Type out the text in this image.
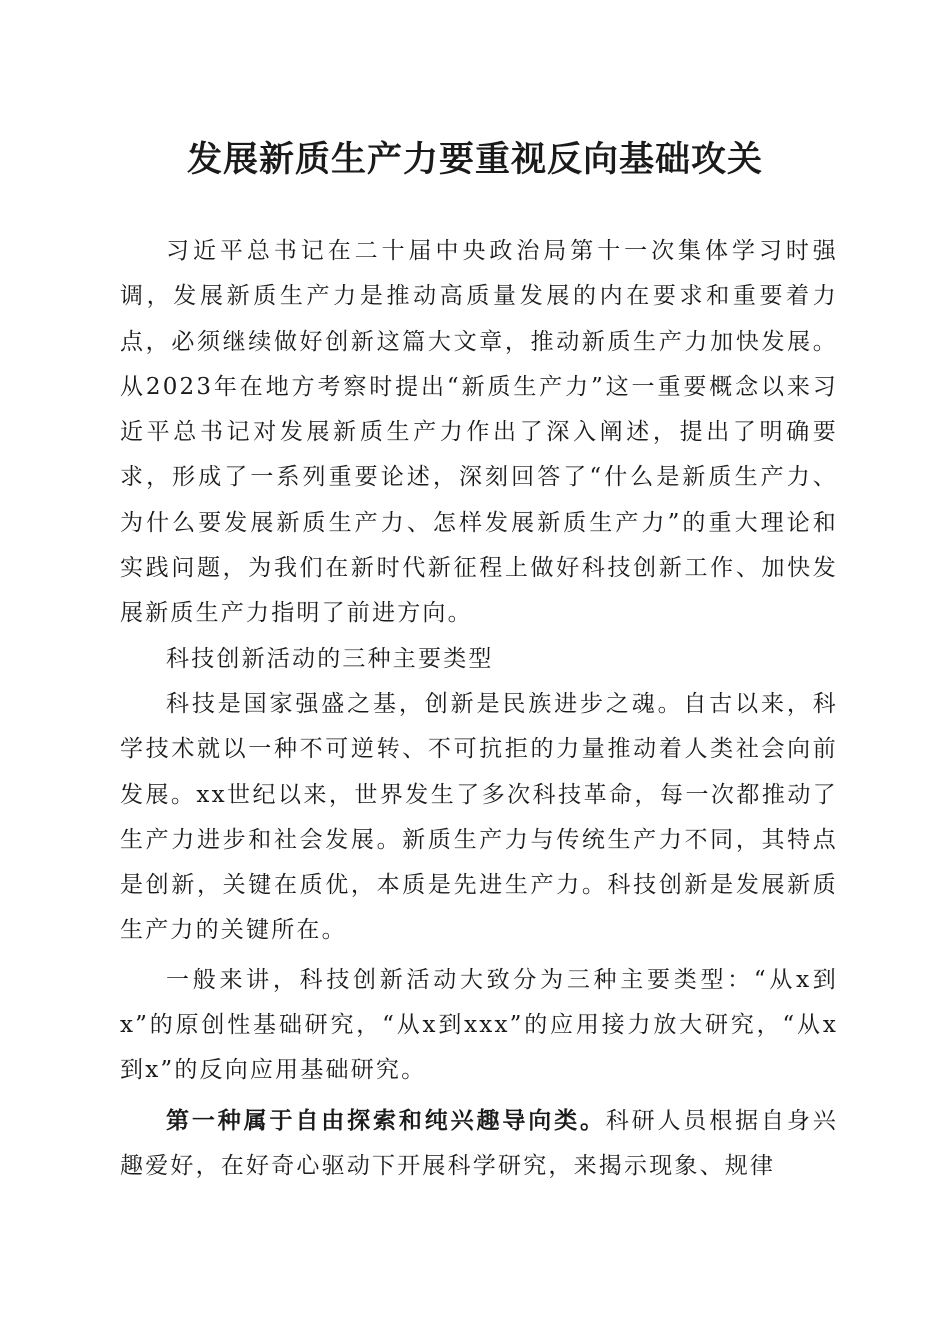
发展新质生产力要重视反向基础攻关

习近平总书记在二十届中央政治局第十一次集体学习时强调，发展新质生产力是推动高质量发展的内在要求和重要着力点，必须继续做好创新这篇大文章，推动新质生产力加快发展。从2023年在地方考察时提出“新质生产力”这一重要概念以来习近平总书记对发展新质生产力作出了深入阐述，提出了明确要求，形成了一系列重要论述，深刻回答了“什么是新质生产力、为什么要发展新质生产力、怎样发展新质生产力”的重大理论和实践问题，为我们在新时代新征程上做好科技创新工作、加快发展新质生产力指明了前进方向。

科技创新活动的三种主要类型

科技是国家强盛之基，创新是民族进步之魂。自古以来，科学技术就以一种不可逆转、不可抗拒的力量推动着人类社会向前发展。xx世纪以来，世界发生了多次科技革命，每一次都推动了生产力进步和社会发展。新质生产力与传统生产力不同，其特点是创新，关键在质优，本质是先进生产力。科技创新是发展新质生产力的关键所在。

一般来讲，科技创新活动大致分为三种主要类型：“从x到x”的原创性基础研究，“从x到xxx”的应用接力放大研究，“从x到x”的反向应用基础研究。

第一种属于自由探索和纯兴趣导向类。科研人员根据自身兴趣爱好，在好奇心驱动下开展科学研究，来揭示现象、规律
